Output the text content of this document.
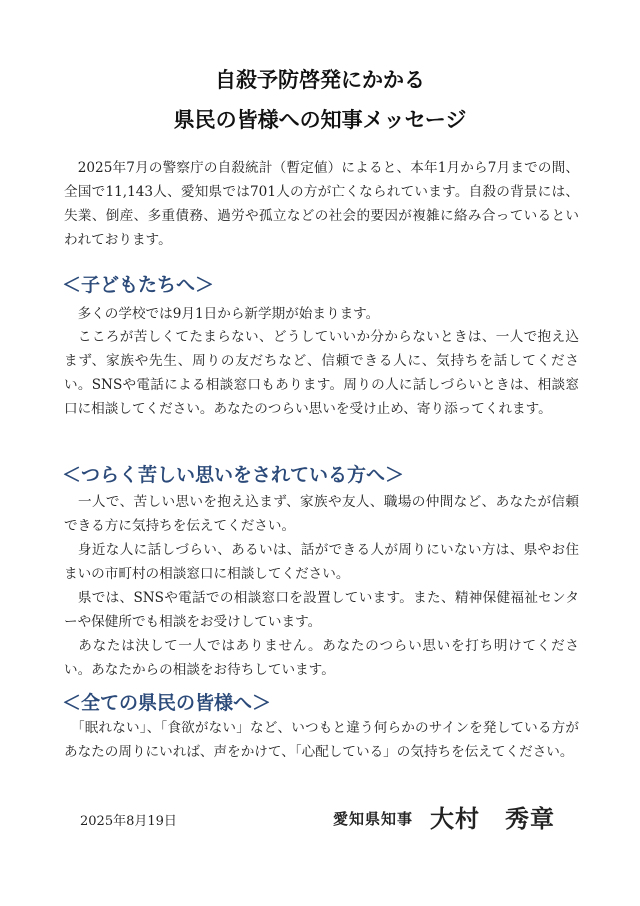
自殺予防啓発にかかる
県民の皆様への知事メッセージ

　2025年7月の警察庁の自殺統計（暫定値）によると、本年1月から7月までの間、全国で11,143人、愛知県では701人の方が亡くなられています。自殺の背景には、失業、倒産、多重債務、過労や孤立などの社会的要因が複雑に絡み合っているといわれております。

＜子どもたちへ＞

　多くの学校では9月1日から新学期が始まります。

　こころが苦しくてたまらない、どうしていいか分からないときは、一人で抱え込まず、家族や先生、周りの友だちなど、信頼できる人に、気持ちを話してください。SNSや電話による相談窓口もあります。周りの人に話しづらいときは、相談窓口に相談してください。あなたのつらい思いを受け止め、寄り添ってくれます。

＜つらく苦しい思いをされている方へ＞

　一人で、苦しい思いを抱え込まず、家族や友人、職場の仲間など、あなたが信頼できる方に気持ちを伝えてください。

　身近な人に話しづらい、あるいは、話ができる人が周りにいない方は、県やお住まいの市町村の相談窓口に相談してください。

　県では、SNSや電話での相談窓口を設置しています。また、精神保健福祉センターや保健所でも相談をお受けしています。

　あなたは決して一人ではありません。あなたのつらい思いを打ち明けてください。あなたからの相談をお待ちしています。

＜全ての県民の皆様へ＞

　「眠れない」、「食欲がない」など、いつもと違う何らかのサインを発している方があなたの周りにいれば、声をかけて、「心配している」の気持ちを伝えてください。

2025年8月19日	愛知県知事 大村　秀章
